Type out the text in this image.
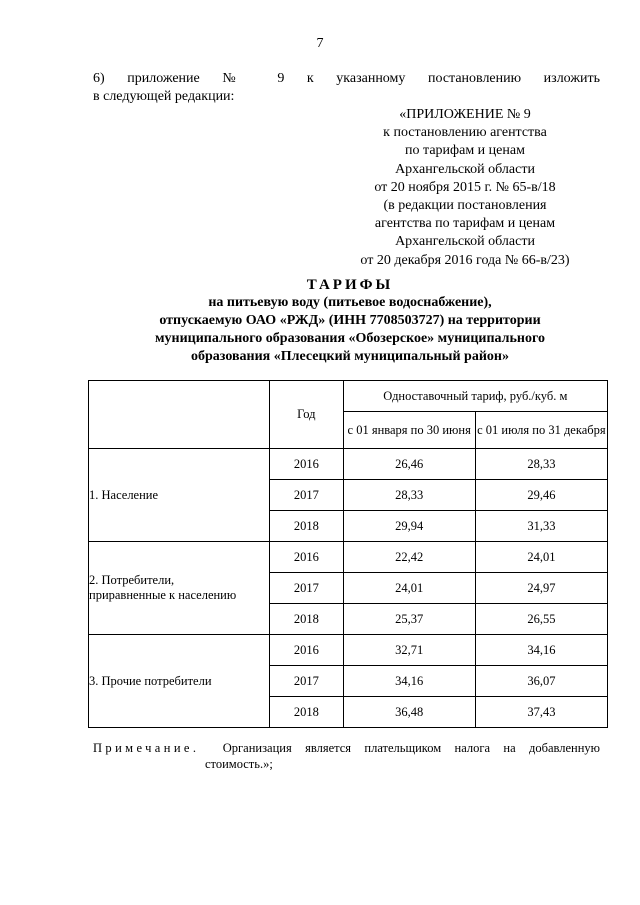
7
6) приложение № 9 к указанному постановлению изложить
в следующей редакции:
«ПРИЛОЖЕНИЕ № 9
к постановлению агентства
по тарифам и ценам
Архангельской области
от 20 ноября 2015 г. № 65-в/18
(в редакции постановления
агентства по тарифам и ценам
Архангельской области
от 20 декабря 2016 года № 66-в/23)
ТАРИФЫ
на питьевую воду (питьевое водоснабжение),
отпускаемую ОАО «РЖД» (ИНН 7708503727) на территории
муниципального образования «Обозерское» муниципального
образования «Плесецкий муниципальный район»
	Год	Одноставочный тариф, руб./куб. м	
		с 01 января по 30 июня	с 01 июля по 31 декабря

1. Население	2016	26,46	28,33
	2017	28,33	29,46
	2018	29,94	31,33

2. Потребители,
приравненные к населению	2016	22,42	24,01
	2017	24,01	24,97
	2018	25,37	26,55

3. Прочие потребители	2016	32,71	34,16
	2017	34,16	36,07
	2018	36,48	37,43
Примечание. Организация является плательщиком налога на добавленную
стоимость.»;
